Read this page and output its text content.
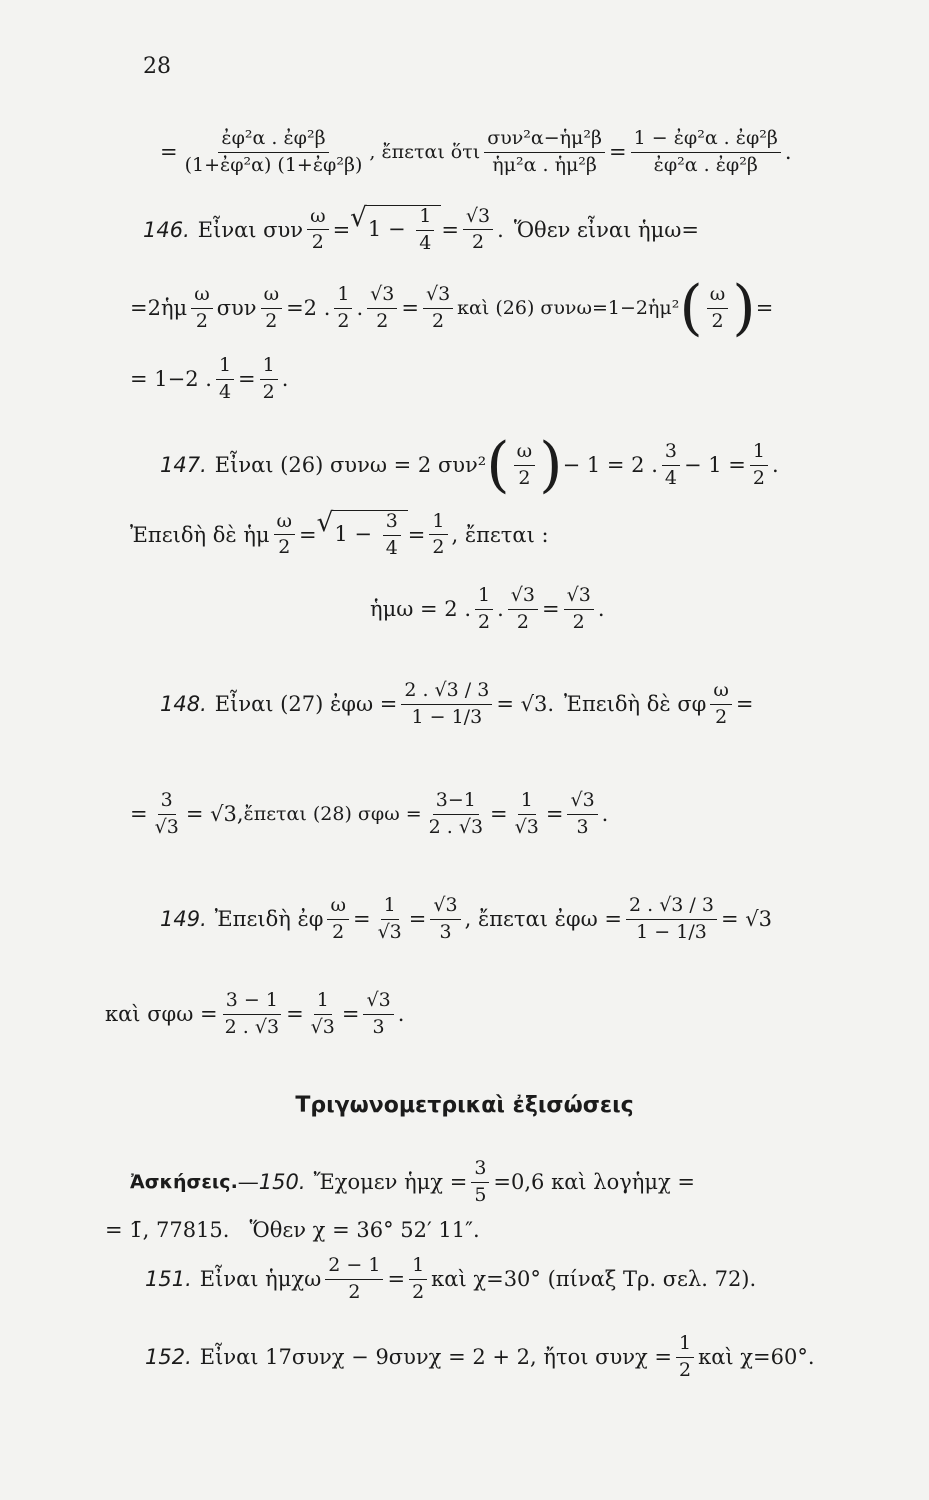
28
= $\frac{\text{ἐφ²α . ἐφ²β}}{\text{(1+ἐφ²α) (1+ἐφ²β)}}$ , ἔπεται ὅτι $\frac{\text{συν²α−ἡμ²β}}{\text{ἡμ²α . ἡμ²β}} = \frac{\text{1 − ἐφ²α . ἐφ²β}}{\text{ἐφ²α . ἐφ²β}}$ .
146. Εἶναι συν $\frac{\omega}{2}$ = √ $1 - \frac{1}{4} = \frac{√3}{2}$ . Ὅθεν εἶναι ἡμω=
=2ἡμ $\frac{\omega}{2}$ συν $\frac{\omega}{2} =2$ . $\frac{1}{2}$ . $\frac{√3}{2} = \frac{√3}{2}$ καὶ (26) συνω=1−2ἡμ² ( $\frac{\omega}{2}$ ) =
= 1−2 . $\frac{1}{4} = \frac{1}{2}$ .
147. Εἶναι (26) συνω = 2 συν² ( $\frac{\omega}{2}$ ) − 1 = 2 . $\frac{3}{4} - 1 = \frac{1}{2}$ .
Ἐπειδὴ δὲ ἡμ $\frac{\omega}{2}$ = √ $1 - \frac{3}{4} = \frac{1}{2}$ , ἔπεται :
ἡμω = 2 . $\frac{1}{2}$ . $\frac{√3}{2} = \frac{√3}{2}$ .
148. Εἶναι (27) ἐφω = $\frac{2 . √3 / 3}{1 - 1/3} = √3$. Ἐπειδὴ δὲ σφ $\frac{\omega}{2}$ =
= $\frac{3}{√3} = √3$, ἔπεται (28) $\sigma\varphi\omega = \frac{3-1}{2 . √3} = \frac{1}{√3} = \frac{√3}{3}$ .
149. Ἐπειδὴ ἐφ $\frac{\omega}{2} = \frac{1}{√3} = \frac{√3}{3}$ , ἔπεται ἐφω = $\frac{2 . √3 / 3}{1 - 1/3} = √3$
καὶ $\sigma\varphi\omega = \frac{3 - 1}{2 . √3} = \frac{1}{√3} = \frac{√3}{3}$ .
Τριγωνομετρικαὶ ἐξισώσεις
Ἀσκήσεις. — 150. Ἔχομεν ἡμχ = $\frac{3}{5} =0,6$ καὶ λογἡμχ =
= 1̄, 77815. Ὅθεν χ = 36° 52′ 11″.
151. Εἶναι ἡμχω $\frac{2 - 1}{2} = \frac{1}{2}$ καὶ χ=30° (πίναξ Τρ. σελ. 72).
152. Εἶναι 17συνχ − 9συνχ = 2 + 2, ἤτοι $\sigma\upsilon\nu\chi = \frac{1}{2}$ καὶ χ=60°.
